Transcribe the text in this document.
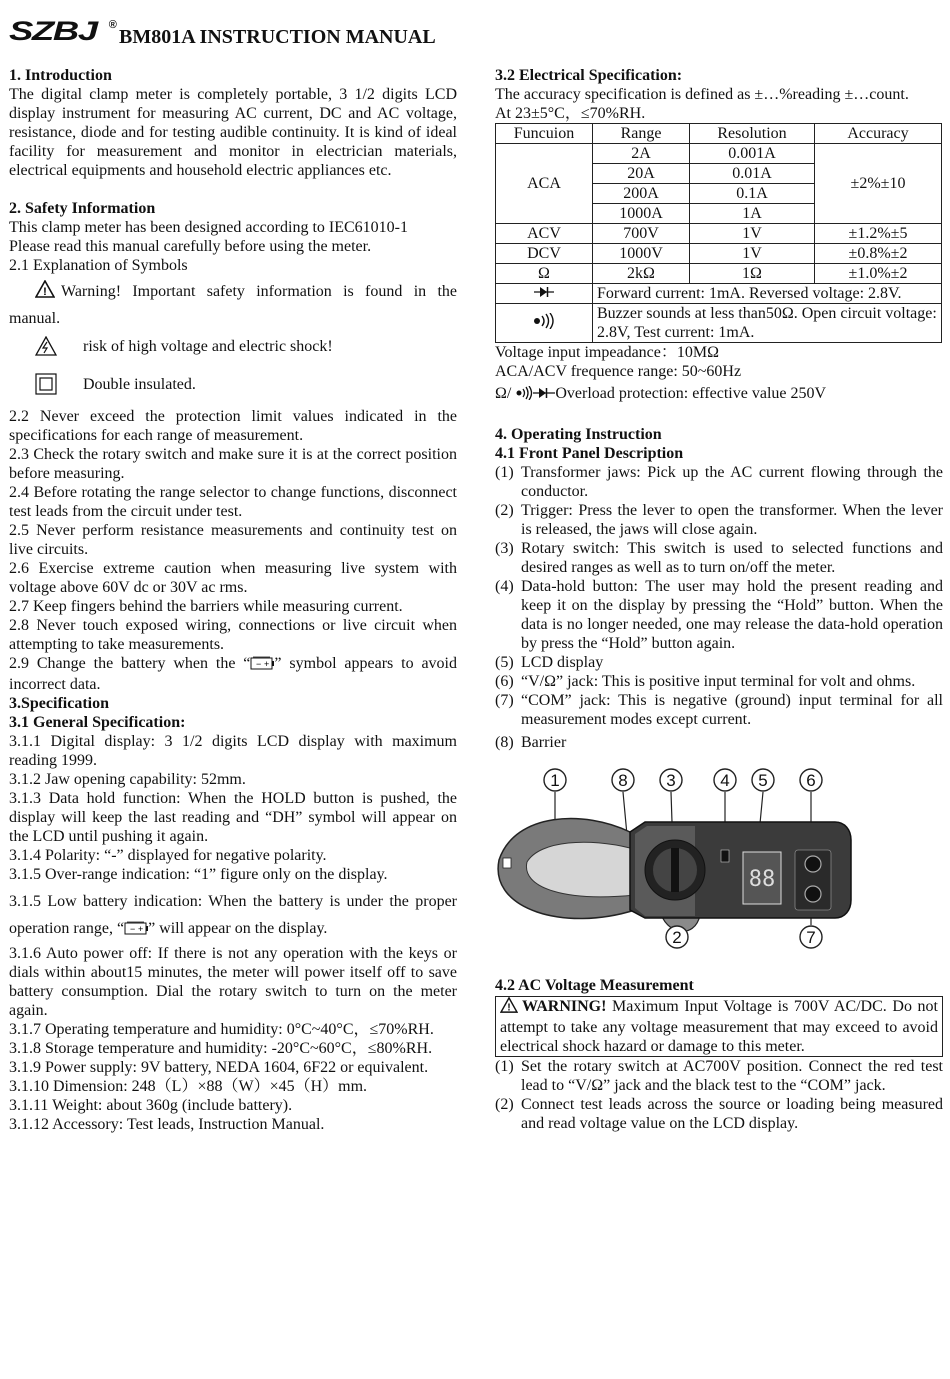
SZBJ ®
BM801A INSTRUCTION MANUAL

1. Introduction

The digital clamp meter is completely portable, 3 1/2 digits LCD display instrument for measuring AC current, DC and AC voltage, resistance, diode and for testing audible continuity. It is kind of ideal facility for measurement and monitor in electrician materials, electrical equipments and household electric appliances etc.

2. Safety Information

This clamp meter has been designed according to IEC61010-1

Please read this manual carefully before using the meter.

2.1 Explanation of Symbols

! Warning! Important safety information is found in the manual.

risk of high voltage and electric shock!
Double insulated.

2.2 Never exceed the protection limit values indicated in the specifications for each range of measurement.

2.3 Check the rotary switch and make sure it is at the correct position before measuring.

2.4 Before rotating the range selector to change functions, disconnect test leads from the circuit under test.

2.5 Never perform resistance measurements and continuity test on live circuits.

2.6 Exercise extreme caution when measuring live system with voltage above 60V dc or 30V ac rms.

2.7 Keep fingers behind the barriers while measuring current.

2.8 Never touch exposed wiring, connections or live circuit when attempting to take measurements.

2.9 Change the battery when the “ − + ” symbol appears to avoid incorrect data.

3.Specification

3.1 General Specification:

3.1.1 Digital display: 3 1/2 digits LCD display with maximum reading 1999.

3.1.2 Jaw opening capability: 52mm.

3.1.3 Data hold function: When the HOLD button is pushed, the display will keep the last reading and “DH” symbol will appear on the LCD until pushing it again.

3.1.4 Polarity: “-” displayed for negative polarity.

3.1.5 Over-range indication: “1” figure only on the display.

3.1.5 Low battery indication: When the battery is under the proper operation range, “ − + ” will appear on the display.

3.1.6 Auto power off: If there is not any operation with the keys or dials within about15 minutes, the meter will power itself off to save battery consumption. Dial the rotary switch to turn on the meter again.

3.1.7 Operating temperature and humidity: 0°C~40°C，≤70%RH.

3.1.8 Storage temperature and humidity: -20°C~60°C，≤80%RH.

3.1.9 Power supply: 9V battery, NEDA 1604, 6F22 or equivalent.

3.1.10 Dimension: 248（L）×88（W）×45（H）mm.

3.1.11 Weight: about 360g (include battery).

3.1.12 Accessory: Test leads, Instruction Manual.

3.2 Electrical Specification:

The accuracy specification is defined as ±…%reading ±…count.

At 23±5°C，≤70%RH.

Funcuion	Range	Resolution	Accuracy
ACA	2A	0.001A	±2%±10
	20A	0.01A	
	200A	0.1A	
	1000A	1A	
ACV	700V	1V	±1.2%±5
DCV	1000V	1V	±0.8%±2
Ω	2kΩ	1Ω	±1.0%±2
	Forward current: 1mA. Reversed voltage: 2.8V.		
	Buzzer sounds at less than50Ω. Open circuit voltage: 2.8V, Test current: 1mA.		

Voltage input impeadance：10MΩ

ACA/ACV frequence range: 50~60Hz

Ω/	Overload protection: effective value 250V

4. Operating Instruction

4.1 Front Panel Description

(1) Transformer jaws: Pick up the AC current flowing through the conductor.
(2) Trigger: Press the lever to open the transformer. When the lever is released, the jaws will close again.
(3) Rotary switch: This switch is used to selected functions and desired ranges as well as to turn on/off the meter.
(4) Data-hold button: The user may hold the present reading and keep it on the display by pressing the “Hold” button. When the data is no longer needed, one may release the data-hold operation by press the “Hold” button again.
(5) LCD display
(6) “V/Ω” jack: This is positive input terminal for volt and ohms.
(7) “COM” jack: This is negative (ground) input terminal for all measurement modes except current.
(8) Barrier
88
1	8 3	4 5 6
2	7

4.2 AC Voltage Measurement

! WARNING! Maximum Input Voltage is 700V AC/DC. Do not attempt to take any voltage measurement that may exceed to avoid electrical shock hazard or damage to this meter.

(1) Set the rotary switch at AC700V position. Connect the red test lead to “V/Ω” jack and the black test to the “COM” jack.
(2) Connect test leads across the source or loading being measured and read voltage value on the LCD display.
